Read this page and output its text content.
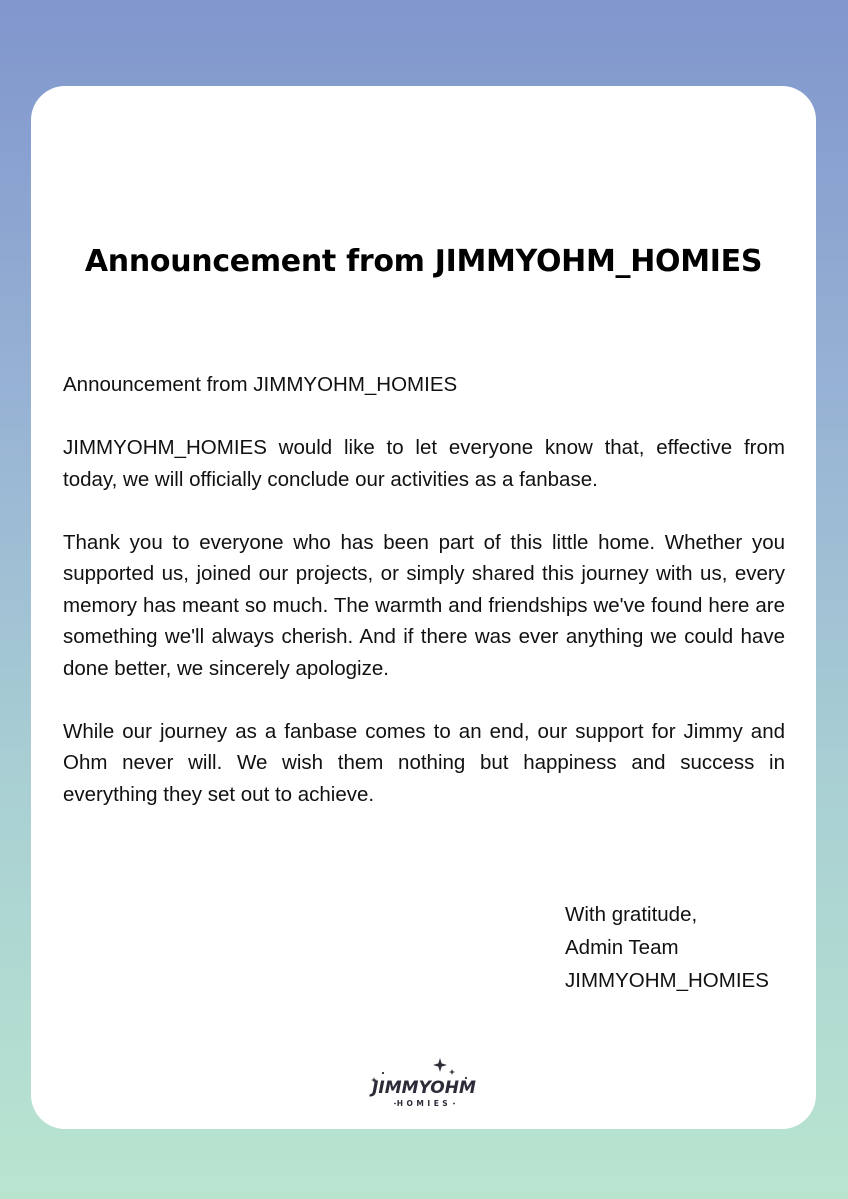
Announcement from JIMMYOHM_HOMIES

Announcement from JIMMYOHM_HOMIES

JIMMYOHM_HOMIES would like to let everyone know that, effective from today, we will officially conclude our activities as a fanbase.

Thank you to everyone who has been part of this little home. Whether you supported us, joined our projects, or simply shared this journey with us, every memory has meant so much. The warmth and friendships we've found here are something we'll always cherish. And if there was ever anything we could have done better, we sincerely apologize.

While our journey as a fanbase comes to an end, our support for Jimmy and Ohm never will. We wish them nothing but happiness and success in everything they set out to achieve.

With gratitude,
Admin Team
JIMMYOHM_HOMIES
JIMMYOHM
HOMIES
